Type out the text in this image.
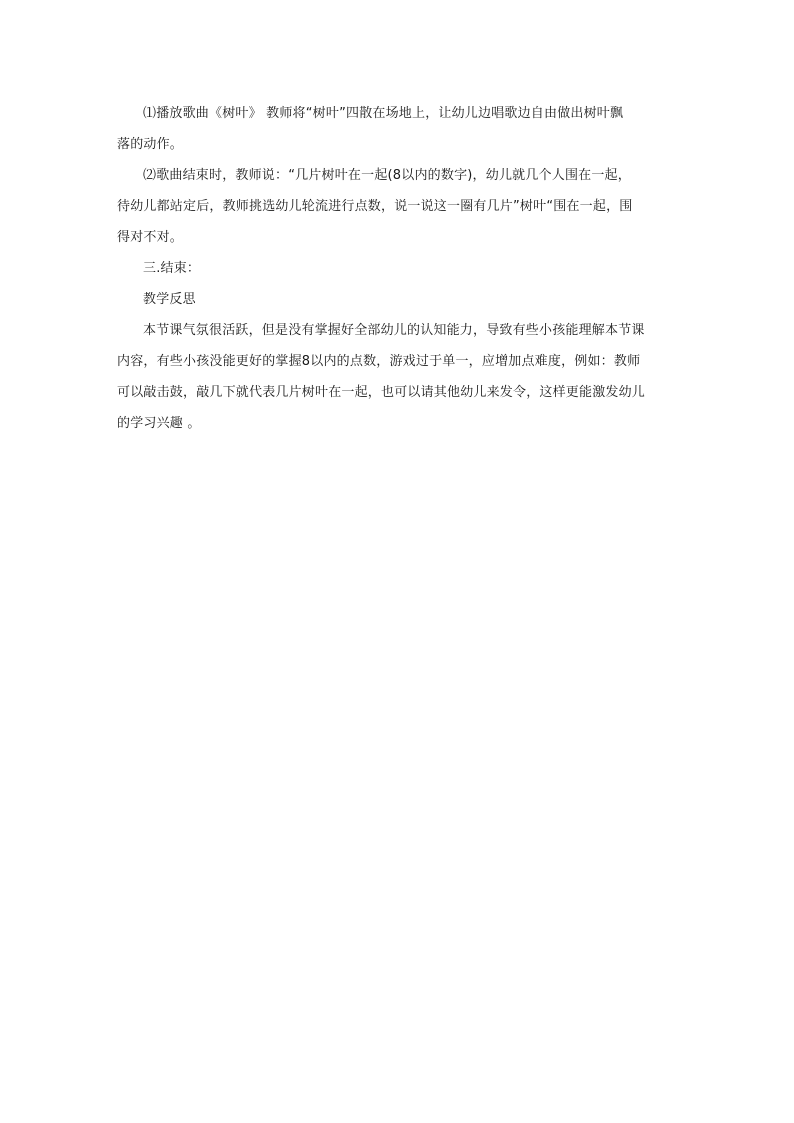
⑴播放歌曲《树叶》 教师将“树叶”四散在场地上，让幼儿边唱歌边自由做出树叶飘
落的动作。

⑵歌曲结束时，教师说：“几片树叶在一起(8以内的数字)，幼儿就几个人围在一起，
待幼儿都站定后，教师挑选幼儿轮流进行点数，说一说这一圈有几片”树叶“围在一起，围
得对不对。

三.结束：

教学反思

本节课气氛很活跃，但是没有掌握好全部幼儿的认知能力，导致有些小孩能理解本节课
内容，有些小孩没能更好的掌握8以内的点数，游戏过于单一，应增加点难度，例如：教师
可以敲击鼓，敲几下就代表几片树叶在一起，也可以请其他幼儿来发令，这样更能激发幼儿
的学习兴趣 。
